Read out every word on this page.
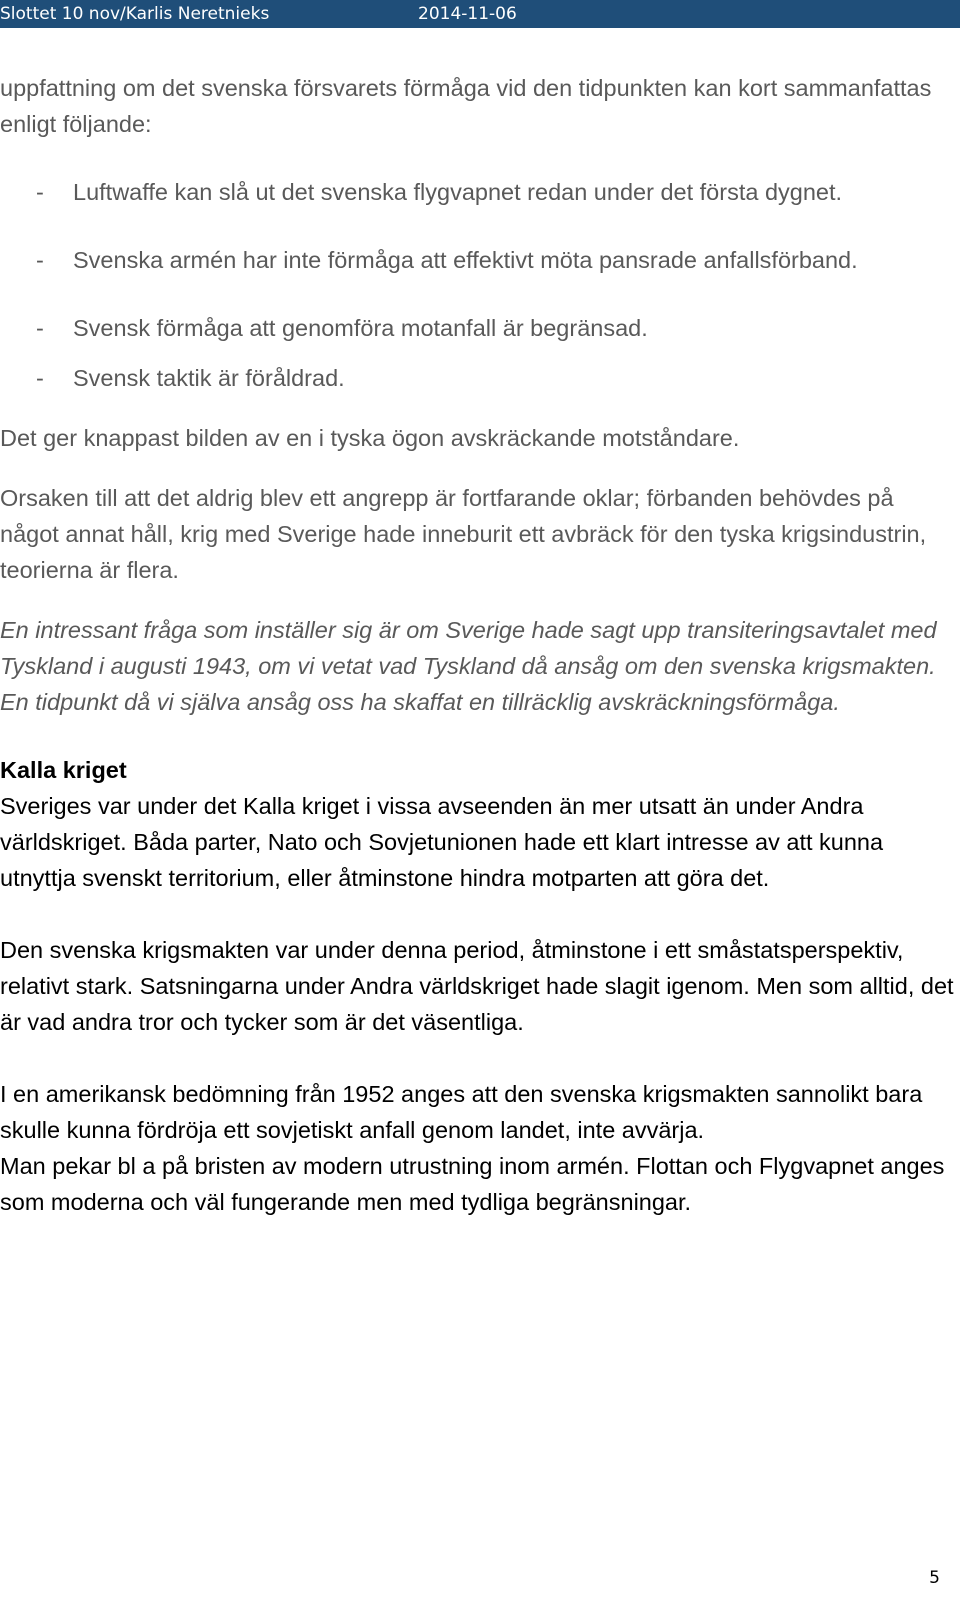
Slottet 10 nov/Karlis Neretnieks	2014-11-06

uppfattning om det svenska försvarets förmåga vid den tidpunkten kan kort sammanfattas enligt följande:

- Luftwaffe kan slå ut det svenska flygvapnet redan under det första dygnet.

- Svenska armén har inte förmåga att effektivt möta pansrade anfallsförband.

- Svensk förmåga att genomföra motanfall är begränsad.

- Svensk taktik är föråldrad.

Det ger knappast bilden av en i tyska ögon avskräckande motståndare.

Orsaken till att det aldrig blev ett angrepp är fortfarande oklar; förbanden behövdes på något annat håll, krig med Sverige hade inneburit ett avbräck för den tyska krigsindustrin, teorierna är flera.

En intressant fråga som inställer sig är om Sverige hade sagt upp transiteringsavtalet med Tyskland i augusti 1943, om vi vetat vad Tyskland då ansåg om den svenska krigsmakten. En tidpunkt då vi själva ansåg oss ha skaffat en tillräcklig avskräckningsförmåga.

Kalla kriget

Sveriges var under det Kalla kriget i vissa avseenden än mer utsatt än under Andra världskriget. Båda parter, Nato och Sovjetunionen hade ett klart intresse av att kunna utnyttja svenskt territorium, eller åtminstone hindra motparten att göra det.

Den svenska krigsmakten var under denna period, åtminstone i ett småstatsperspektiv, relativt stark. Satsningarna under Andra världskriget hade slagit igenom. Men som alltid, det är vad andra tror och tycker som är det väsentliga.

I en amerikansk bedömning från 1952 anges att den svenska krigsmakten sannolikt bara skulle kunna fördröja ett sovjetiskt anfall genom landet, inte avvärja.

Man pekar bl a på bristen av modern utrustning inom armén. Flottan och Flygvapnet anges som moderna och väl fungerande men med tydliga begränsningar.

5
